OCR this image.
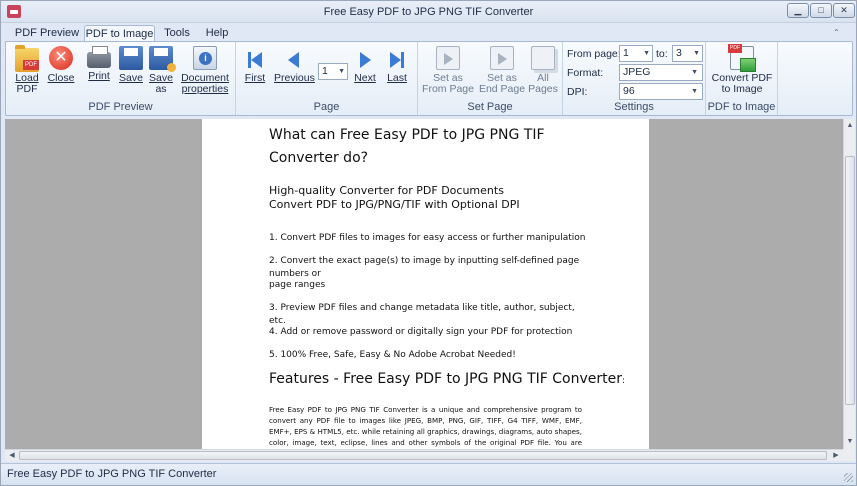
Free Easy PDF to JPG PNG TIF Converter	▁	□	✕
PDF Preview PDF to Image Tools	Help	⌃
PDF
Load
PDF
✕
Close	Print Save Save
as
i
Document
properties
PDF Preview
First Previous
1 ▼
Next Last
Page
Set as
From Page
Set as
End Page
All
Pages
Set Page
From page: 1 ▼ to: 3 ▼
Format:	JPEG	▼
DPI:	96	▼
Settings
PDF
Convert PDF
to Image
PDF to Image
What can Free Easy PDF to JPG PNG TIF Converter do?
High-quality Converter for PDF Documents
Convert PDF to JPG/PNG/TIF with Optional DPI
1. Convert PDF files to images for easy access or further manipulation
2. Convert the exact page(s) to image by inputting self-defined page numbers or
page ranges
3. Preview PDF files and change metadata like title, author, subject, etc.
4. Add or remove password or digitally sign your PDF for protection
5. 100% Free, Safe, Easy & No Adobe Acrobat Needed!
Features - Free Easy PDF to JPG PNG TIF Converter:
Free Easy PDF to JPG PNG TIF Converter is a unique and comprehensive program to convert any PDF file to images like JPEG, BMP, PNG, GIF, TIFF, G4 TIFF, WMF, EMF, EMF+, EPS & HTML5, etc. while retaining all graphics, drawings, diagrams, auto shapes, color, image, text, eclipse, lines and other symbols of the original PDF file. You are
▲
▼
◀	▶
Free Easy PDF to JPG PNG TIF Converter
